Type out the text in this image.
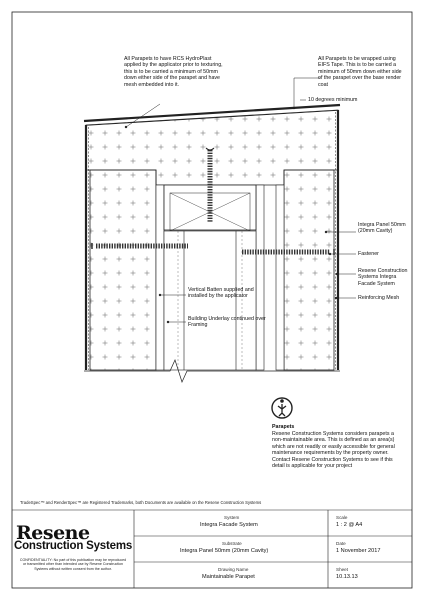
All Parapets to have RCS HydroPlast applied by the applicator prior to texturing, this is to be carried a minimum of 50mm down either side of the parapet and have mesh embedded into it.
All Parapets to be wrapped using EIFS Tape. This is to be carried a minimum of 50mm down either side of the parapet over the base render coat
10 degrees minimum
Integra Panel 50mm (20mm Cavity)
Fastener
Resene Construction Systems Integra Facade System
Reinforcing Mesh
Vertical Batten supplied and installed by the applicator
Building Underlay continued over Framing
Parapets
Resene Construction Systems considers parapets a non-maintainable area. This is defined as an area(s) which are not readily or easily accessible for general maintenance requirements by the property owner.
Contact Resene Construction Systems to see if this detail is applicable for your project
TradeSpec™ and RenderSpec™ are Registered Trademarks, both Documents are available on the Resene Construction Systems
Resene
Construction Systems
CONFIDENTIALITY: No part of this publication may be reproduced or transmitted other than intended use by Resene Construction Systems without written consent from the author.
System
Integra Facade System
Scale
1 : 2 @ A4
Substrate
Integra Panel 50mm (20mm Cavity)
Date
1 November 2017
Drawing Name
Maintainable Parapet
Sheet
10.13.13
